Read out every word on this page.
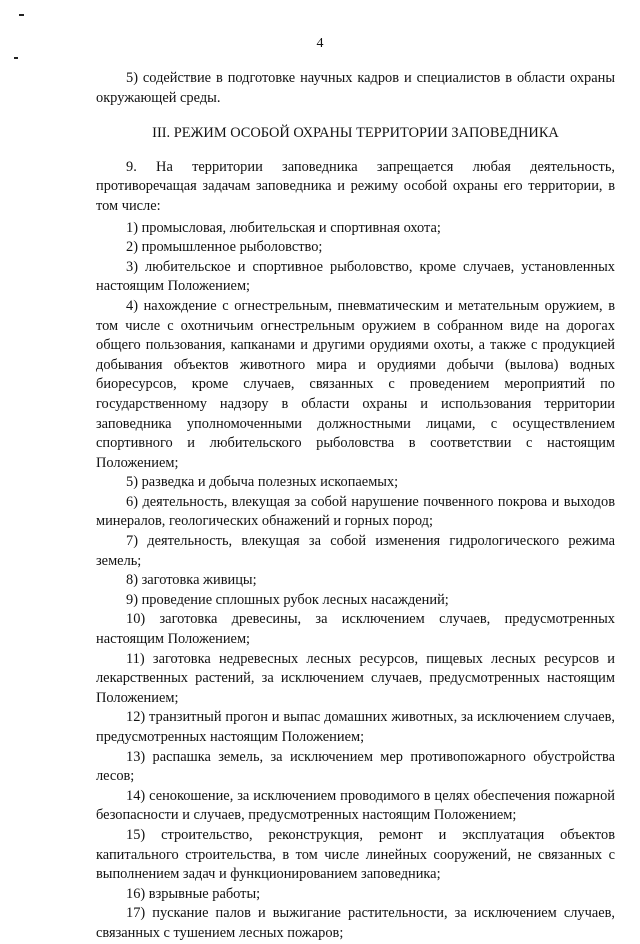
4

5) содействие в подготовке научных кадров и специалистов в области охраны окружающей среды.

III. РЕЖИМ ОСОБОЙ ОХРАНЫ ТЕРРИТОРИИ ЗАПОВЕДНИКА

9. На территории заповедника запрещается любая деятельность, противоречащая задачам заповедника и режиму особой охраны его территории, в том числе:

1) промысловая, любительская и спортивная охота;

2) промышленное рыболовство;

3) любительское и спортивное рыболовство, кроме случаев, установленных настоящим Положением;

4) нахождение с огнестрельным, пневматическим и метательным оружием, в том числе с охотничьим огнестрельным оружием в собранном виде на дорогах общего пользования, капканами и другими орудиями охоты, а также с продукцией добывания объектов животного мира и орудиями добычи (вылова) водных биоресурсов, кроме случаев, связанных с проведением мероприятий по государственному надзору в области охраны и использования территории заповедника уполномоченными должностными лицами, с осуществлением спортивного и любительского рыболовства в соответствии с настоящим Положением;

5) разведка и добыча полезных ископаемых;

6) деятельность, влекущая за собой нарушение почвенного покрова и выходов минералов, геологических обнажений и горных пород;

7) деятельность, влекущая за собой изменения гидрологического режима земель;

8) заготовка живицы;

9) проведение сплошных рубок лесных насаждений;

10) заготовка древесины, за исключением случаев, предусмотренных настоящим Положением;

11) заготовка недревесных лесных ресурсов, пищевых лесных ресурсов и лекарственных растений, за исключением случаев, предусмотренных настоящим Положением;

12) транзитный прогон и выпас домашних животных, за исключением случаев, предусмотренных настоящим Положением;

13) распашка земель, за исключением мер противопожарного обустройства лесов;

14) сенокошение, за исключением проводимого в целях обеспечения пожарной безопасности и случаев, предусмотренных настоящим Положением;

15) строительство, реконструкция, ремонт и эксплуатация объектов капитального строительства, в том числе линейных сооружений, не связанных с выполнением задач и функционированием заповедника;

16) взрывные работы;

17) пускание палов и выжигание растительности, за исключением случаев, связанных с тушением лесных пожаров;
